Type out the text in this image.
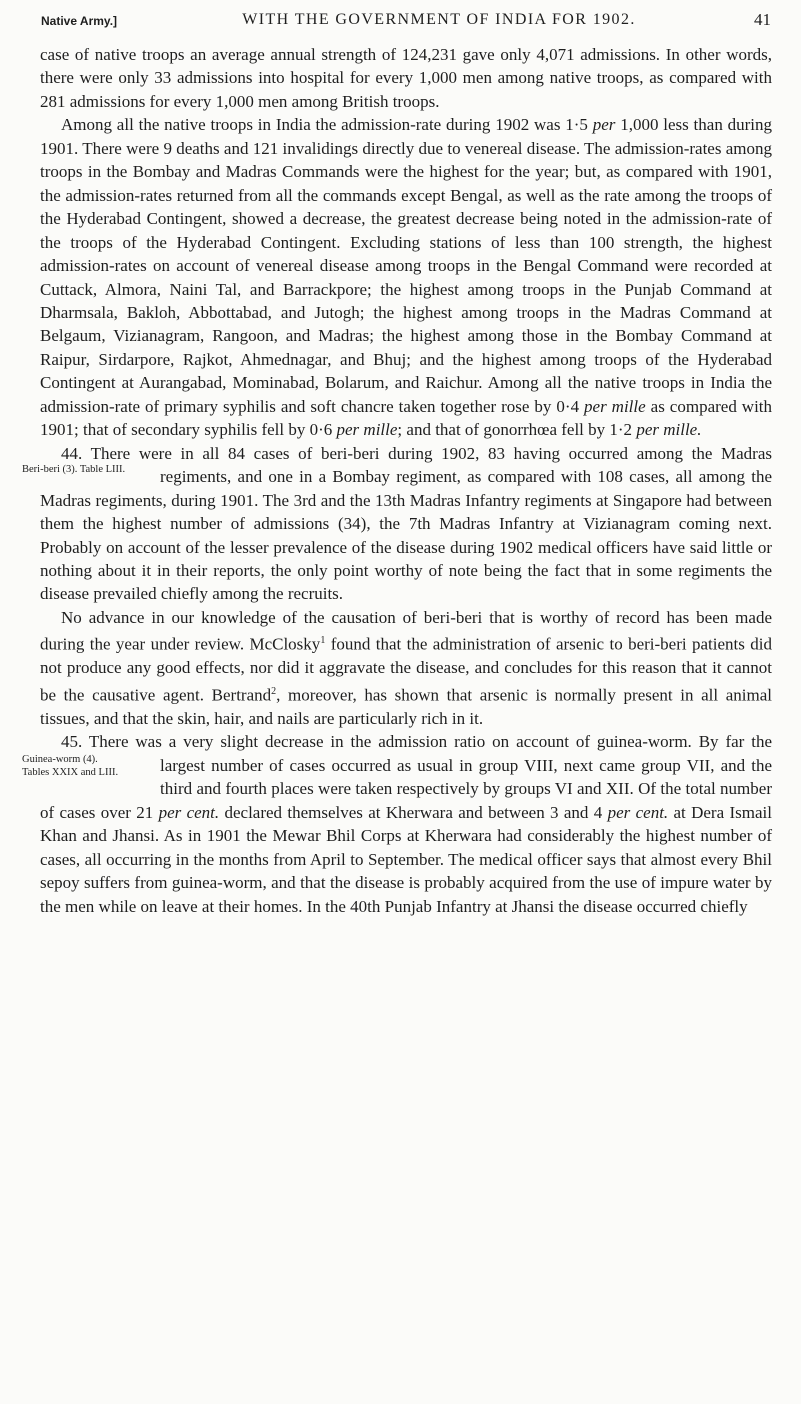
Native Army.]	WITH THE GOVERNMENT OF INDIA FOR 1902.	41

case of native troops an average annual strength of 124,231 gave only 4,071 admissions. In other words, there were only 33 admissions into hospital for every 1,000 men among native troops, as compared with 281 admissions for every 1,000 men among British troops.

Among all the native troops in India the admission-rate during 1902 was 1·5 per 1,000 less than during 1901. There were 9 deaths and 121 invalidings directly due to venereal disease. The admission-rates among troops in the Bombay and Madras Commands were the highest for the year; but, as compared with 1901, the admission-rates returned from all the commands except Bengal, as well as the rate among the troops of the Hyderabad Contingent, showed a decrease, the greatest decrease being noted in the admission-rate of the troops of the Hyderabad Contingent. Excluding stations of less than 100 strength, the highest admission-rates on account of venereal disease among troops in the Bengal Command were recorded at Cuttack, Almora, Naini Tal, and Barrackpore; the highest among troops in the Punjab Command at Dharmsala, Bakloh, Abbottabad, and Jutogh; the highest among troops in the Madras Command at Belgaum, Vizianagram, Rangoon, and Madras; the highest among those in the Bombay Command at Raipur, Sirdarpore, Rajkot, Ahmednagar, and Bhuj; and the highest among troops of the Hyderabad Contingent at Aurangabad, Mominabad, Bolarum, and Raichur. Among all the native troops in India the admission-rate of primary syphilis and soft chancre taken together rose by 0·4 per mille as compared with 1901; that of secondary syphilis fell by 0·6 per mille; and that of gonorrhœa fell by 1·2 per mille.

Beri-beri (3). Table LIII.

44. There were in all 84 cases of beri-beri during 1902, 83 having occurred among the Madras regiments, and one in a Bombay regiment, as compared with 108 cases, all among the Madras regiments, during 1901. The 3rd and the 13th Madras Infantry regiments at Singapore had between them the highest number of admissions (34), the 7th Madras Infantry at Vizianagram coming next. Probably on account of the lesser prevalence of the disease during 1902 medical officers have said little or nothing about it in their reports, the only point worthy of note being the fact that in some regiments the disease prevailed chiefly among the recruits.

No advance in our knowledge of the causation of beri-beri that is worthy of record has been made during the year under review. McClosky$^1$ found that the administration of arsenic to beri-beri patients did not produce any good effects, nor did it aggravate the disease, and concludes for this reason that it cannot be the causative agent. Bertrand$^2$, moreover, has shown that arsenic is normally present in all animal tissues, and that the skin, hair, and nails are particularly rich in it.

Guinea-worm (4).
Tables XXIX and LIII.

45. There was a very slight decrease in the admission ratio on account of guinea-worm. By far the largest number of cases occurred as usual in group VIII, next came group VII, and the third and fourth places were taken respectively by groups VI and XII. Of the total number of cases over 21 per cent. declared themselves at Kherwara and between 3 and 4 per cent. at Dera Ismail Khan and Jhansi. As in 1901 the Mewar Bhil Corps at Kherwara had considerably the highest number of cases, all occurring in the months from April to September. The medical officer says that almost every Bhil sepoy suffers from guinea-worm, and that the disease is probably acquired from the use of impure water by the men while on leave at their homes. In the 40th Punjab Infantry at Jhansi the disease occurred chiefly
